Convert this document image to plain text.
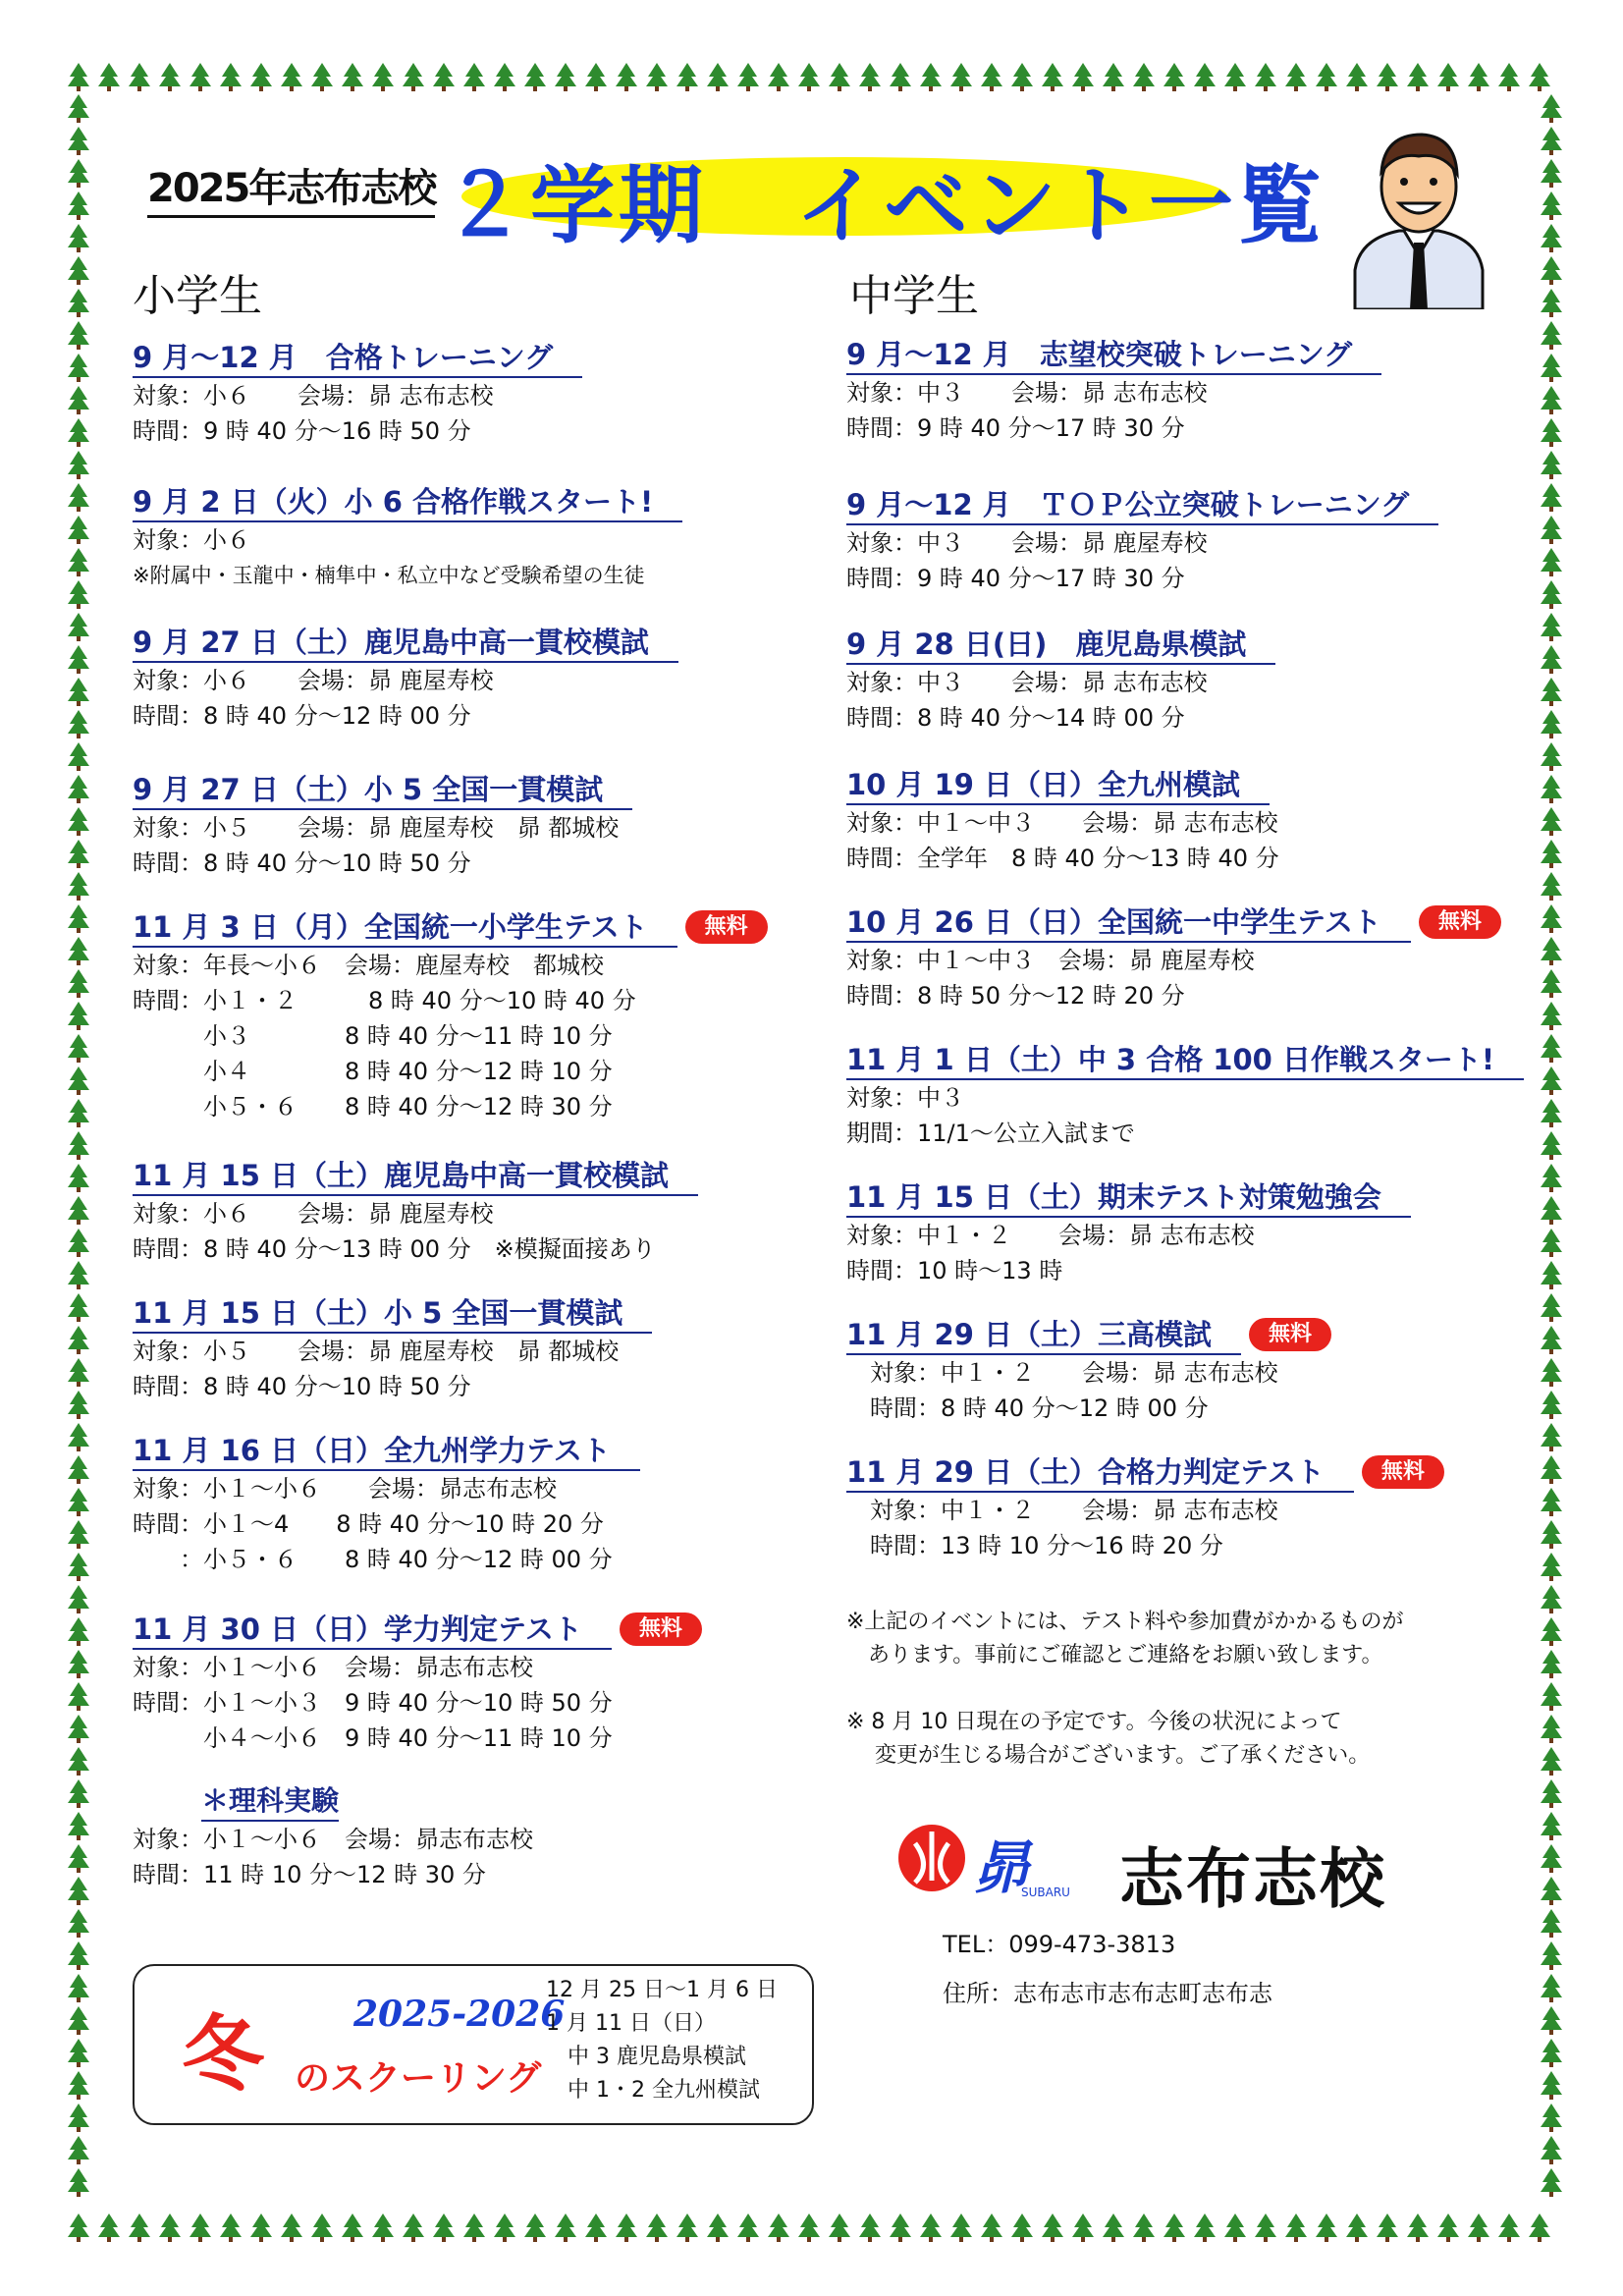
2025年志布志校 ２学期　イベント一覧
小学生	中学生
9 月～12 月　合格トレーニング
対象：小６　　会場：昴 志布志校
時間：9 時 40 分～16 時 50 分
9 月 2 日（火）小 6 合格作戦スタート!
対象：小６
※附属中・玉龍中・楠隼中・私立中など受験希望の生徒
9 月 27 日（土）鹿児島中高一貫校模試
対象：小６　　会場：昴 鹿屋寿校
時間：8 時 40 分～12 時 00 分
9 月 27 日（土）小 5 全国一貫模試
対象：小５　　会場：昴 鹿屋寿校　昴 都城校
時間：8 時 40 分～10 時 50 分
11 月 3 日（月）全国統一小学生テスト	無料
対象：年長～小６　会場：鹿屋寿校　都城校
時間：小１・２　　　8 時 40 分～10 時 40 分
　　　小３　　　　8 時 40 分～11 時 10 分
　　　小４　　　　8 時 40 分～12 時 10 分
　　　小５・６　　8 時 40 分～12 時 30 分
11 月 15 日（土）鹿児島中高一貫校模試
対象：小６　　会場：昴 鹿屋寿校
時間：8 時 40 分～13 時 00 分　※模擬面接あり
11 月 15 日（土）小 5 全国一貫模試
対象：小５　　会場：昴 鹿屋寿校　昴 都城校
時間：8 時 40 分～10 時 50 分
11 月 16 日（日）全九州学力テスト
対象：小１～小６　　会場：昴志布志校
時間：小１～4　　8 時 40 分～10 時 20 分
　　：小５・６　　8 時 40 分～12 時 00 分
11 月 30 日（日）学力判定テスト	無料
対象：小１～小６　会場：昴志布志校
時間：小１～小３　9 時 40 分～10 時 50 分
　　　小４～小６　9 時 40 分～11 時 10 分
＊理科実験
対象：小１～小６　会場：昴志布志校
時間：11 時 10 分～12 時 30 分
9 月～12 月　志望校突破トレーニング
対象：中３　　会場：昴 志布志校
時間：9 時 40 分～17 時 30 分
9 月～12 月　ＴＯＰ公立突破トレーニング
対象：中３　　会場：昴 鹿屋寿校
時間：9 時 40 分～17 時 30 分
9 月 28 日(日)　鹿児島県模試
対象：中３　　会場：昴 志布志校
時間：8 時 40 分～14 時 00 分
10 月 19 日（日）全九州模試
対象：中１～中３　　会場：昴 志布志校
時間：全学年　8 時 40 分～13 時 40 分
10 月 26 日（日）全国統一中学生テスト	無料
対象：中１～中３　会場：昴 鹿屋寿校
時間：8 時 50 分～12 時 20 分
11 月 1 日（土）中 3 合格 100 日作戦スタート!
対象：中３
期間：11/1～公立入試まで
11 月 15 日（土）期末テスト対策勉強会
対象：中１・２　　会場：昴 志布志校
時間：10 時～13 時
11 月 29 日（土）三高模試	無料
　対象：中１・２　　会場：昴 志布志校
　時間：8 時 40 分～12 時 00 分
11 月 29 日（土）合格力判定テスト	無料
　対象：中１・２　　会場：昴 志布志校
　時間：13 時 10 分～16 時 20 分
※上記のイベントには、テスト料や参加費がかかるものが
　あります。事前にご確認とご連絡をお願い致します。

※ 8 月 10 日現在の予定です。今後の状況によって
　 変更が生じる場合がございます。ご了承ください。
冬	2025-2026
のスクーリング
12 月 25 日～1 月 6 日
1 月 11 日（日）
　中 3 鹿児島県模試
　中 1・2 全九州模試
昴
SUBARU 志布志校
TEL：099-473-3813
住所：志布志市志布志町志布志
